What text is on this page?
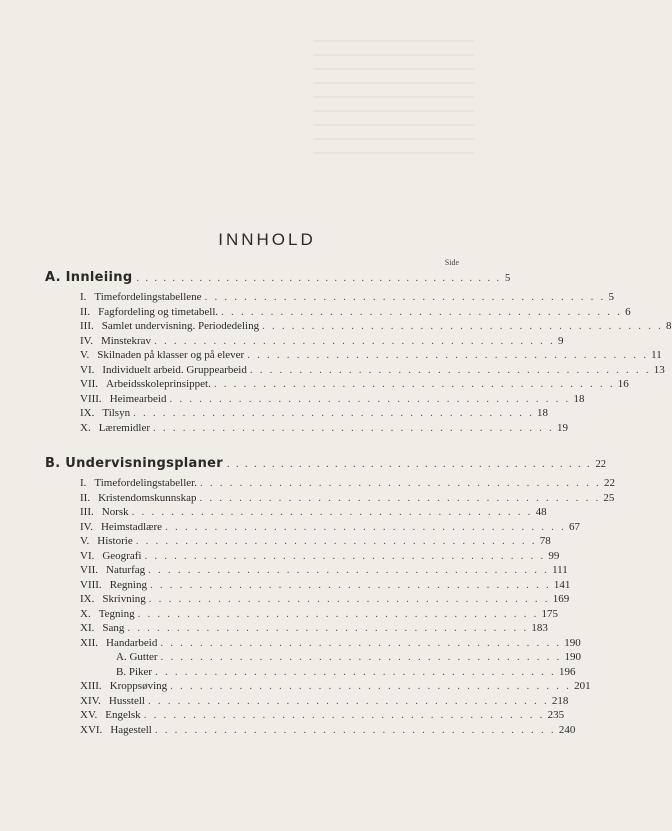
INNHOLD
Side
A. Innleiing . . . . . . . . . . . . . . . . . . . . . . . . . . . . . . . . . . . . . . . . . 5
I. Timefordelingstabellene . . . . . . . . . . . . . . . . . . . . . . . . . . . . . . . . . . . . . . . . . 5
II. Fagfordeling og timetabell. . . . . . . . . . . . . . . . . . . . . . . . . . . . . . . . . . . . . . . . . . 6
III. Samlet undervisning. Periodedeling . . . . . . . . . . . . . . . . . . . . . . . . . . . . . . . . . . . . . . . . . 8
IV. Minstekrav . . . . . . . . . . . . . . . . . . . . . . . . . . . . . . . . . . . . . . . . . 9
V. Skilnaden på klasser og på elever . . . . . . . . . . . . . . . . . . . . . . . . . . . . . . . . . . . . . . . . . 11
VI. Individuelt arbeid. Gruppearbeid . . . . . . . . . . . . . . . . . . . . . . . . . . . . . . . . . . . . . . . . . 13
VII. Arbeidsskoleprinsippet. . . . . . . . . . . . . . . . . . . . . . . . . . . . . . . . . . . . . . . . . . 16
VIII. Heimearbeid . . . . . . . . . . . . . . . . . . . . . . . . . . . . . . . . . . . . . . . . . 18
IX. Tilsyn . . . . . . . . . . . . . . . . . . . . . . . . . . . . . . . . . . . . . . . . . 18
X. Læremidler . . . . . . . . . . . . . . . . . . . . . . . . . . . . . . . . . . . . . . . . . 19
B. Undervisningsplaner . . . . . . . . . . . . . . . . . . . . . . . . . . . . . . . . . . . . . . . . . 22
I. Timefordelingstabeller. . . . . . . . . . . . . . . . . . . . . . . . . . . . . . . . . . . . . . . . . . 22
II. Kristendomskunnskap . . . . . . . . . . . . . . . . . . . . . . . . . . . . . . . . . . . . . . . . . 25
III. Norsk . . . . . . . . . . . . . . . . . . . . . . . . . . . . . . . . . . . . . . . . . 48
IV. Heimstadlære . . . . . . . . . . . . . . . . . . . . . . . . . . . . . . . . . . . . . . . . . 67
V. Historie . . . . . . . . . . . . . . . . . . . . . . . . . . . . . . . . . . . . . . . . . 78
VI. Geografi . . . . . . . . . . . . . . . . . . . . . . . . . . . . . . . . . . . . . . . . . 99
VII. Naturfag . . . . . . . . . . . . . . . . . . . . . . . . . . . . . . . . . . . . . . . . . 111
VIII. Regning . . . . . . . . . . . . . . . . . . . . . . . . . . . . . . . . . . . . . . . . . 141
IX. Skrivning . . . . . . . . . . . . . . . . . . . . . . . . . . . . . . . . . . . . . . . . . 169
X. Tegning . . . . . . . . . . . . . . . . . . . . . . . . . . . . . . . . . . . . . . . . . 175
XI. Sang . . . . . . . . . . . . . . . . . . . . . . . . . . . . . . . . . . . . . . . . . 183
XII. Handarbeid . . . . . . . . . . . . . . . . . . . . . . . . . . . . . . . . . . . . . . . . . 190
A. Gutter . . . . . . . . . . . . . . . . . . . . . . . . . . . . . . . . . . . . . . . . . 190
B. Piker . . . . . . . . . . . . . . . . . . . . . . . . . . . . . . . . . . . . . . . . . 196
XIII. Kroppsøving . . . . . . . . . . . . . . . . . . . . . . . . . . . . . . . . . . . . . . . . . 201
XIV. Husstell . . . . . . . . . . . . . . . . . . . . . . . . . . . . . . . . . . . . . . . . . 218
XV. Engelsk . . . . . . . . . . . . . . . . . . . . . . . . . . . . . . . . . . . . . . . . . 235
XVI. Hagestell . . . . . . . . . . . . . . . . . . . . . . . . . . . . . . . . . . . . . . . . . 240
